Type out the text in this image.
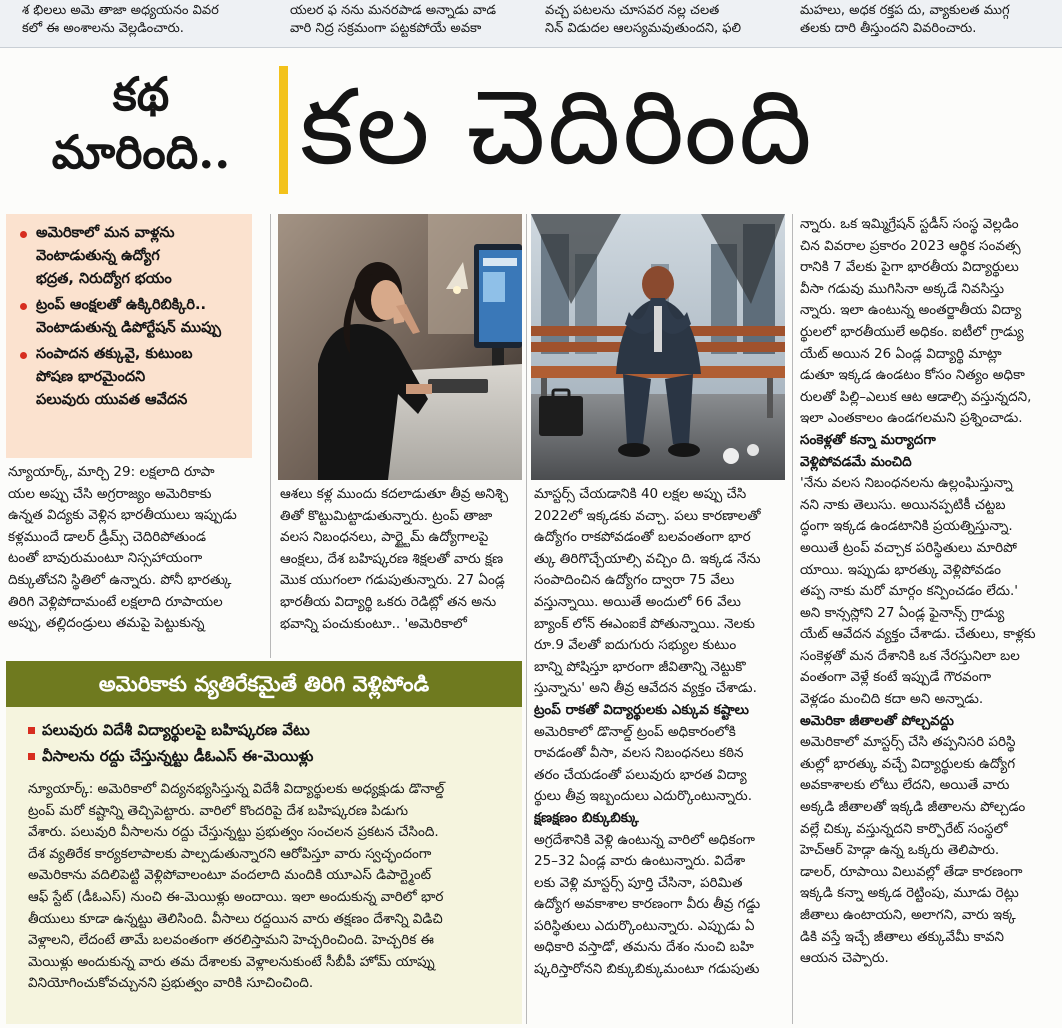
శ భిలలు అమె తాజా అధ్యయనం వివర
కలో ఈ అంశాలను వెల్లడించారు.
యలర ఫ నను మనరపాడ అన్నాడు వాడ
వారి నిద్ర సక్రమంగా పట్టకపోయే అవకా
వచ్చ పటలను చూసవర నల్ల చలత
నిన్ విడుదల ఆలస్యమవుతుందని, ఫలి
మహలు, అధక రక్తప దు, వ్యాకులత ముగ్గ
తలకు దారి తీస్తుందని వివరించారు.
కథ
మారింది.. కల చెదిరింది
అమెరికాలో మన వాళ్లను
వెంటాడుతున్న ఉద్యోగ
భద్రత, నిరుద్యోగ భయం
ట్రంప్ ఆంక్షలతో ఉక్కిరిబిక్కిరి..
వెంటాడుతున్న డిపోర్టేషన్ ముప్పు
సంపాదన తక్కువై, కుటుంబ
పోషణ భారమైందని
పలువురు యువత ఆవేదన
న్యూయార్క్, మార్చి 29: లక్షలాది రూపా
యల అప్పు చేసి అగ్రరాజ్యం అమెరికాకు
ఉన్నత విద్యకు వెళ్లిన భారతీయులు ఇప్పుడు
కళ్లముందే డాలర్ డ్రీమ్స్ చెదిరిపోతుండ
టంతో బావురుమంటూ నిస్సహాయంగా
దిక్కుతోచని స్థితిలో ఉన్నారు. పోనీ భారత్కు
తిరిగి వెళ్లిపోదామంటే లక్షలాది రూపాయల
అప్పు, తల్లిదండ్రులు తమపై పెట్టుకున్న
ఆశలు కళ్ల ముందు కదలాడుతూ తీవ్ర అనిశ్చి
తితో కొట్టుమిట్టాడుతున్నారు. ట్రంప్ తాజా
వలస నిబంధనలు, పార్ట్టైమ్ ఉద్యోగాలపై
ఆంక్షలు, దేశ బహిష్కరణ శిక్షలతో వారు క్షణ
మొక యుగంలా గడుపుతున్నారు. 27 ఏండ్ల
భారతీయ విద్యార్థి ఒకరు రెడిట్లో తన అను
భవాన్ని పంచుకుంటూ.. 'అమెరికాలో
మాస్టర్స్ చేయడానికి 40 లక్షల అప్పు చేసి
2022లో ఇక్కడకు వచ్చా. పలు కారణాలతో
ఉద్యోగం రాకపోవడంతో బలవంతంగా భార
త్కు తిరిగొచ్చేయాల్సి వచ్చిం ది. ఇక్కడ నేను
సంపాదించిన ఉద్యోగం ద్వారా 75 వేలు
వస్తున్నాయి. అయితే అందులో 66 వేలు
బ్యాంక్ లోన్ ఈఎంఐకే పోతున్నాయి. నెలకు
రూ.9 వేలతో ఐదుగురు సభ్యుల కుటుం
బాన్ని పోషిస్తూ భారంగా జీవితాన్ని నెట్టుకొ
స్తున్నాను' అని తీవ్ర ఆవేదన వ్యక్తం చేశాడు.
ట్రంప్ రాకతో విద్యార్థులకు ఎక్కువ కష్టాలు
అమెరికాలో డొనాల్డ్ ట్రంప్ అధికారంలోకి
రావడంతో వీసా, వలస నిబంధనలు కఠిన
తరం చేయడంతో పలువురు భారత విద్యా
ర్థులు తీవ్ర ఇబ్బందులు ఎదుర్కొంటున్నారు.
క్షణక్షణం బిక్కుబిక్కు
అగ్రదేశానికి వెళ్లి ఉంటున్న వారిలో అధికంగా
25–32 ఏండ్ల వారు ఉంటున్నారు. విదేశా
లకు వెళ్లి మాస్టర్స్ పూర్తి చేసినా, పరిమిత
ఉద్యోగ అవకాశాల కారణంగా వీరు తీవ్ర గడ్డు
పరిస్థితులు ఎదుర్కొంటున్నారు. ఎప్పుడు ఏ
అధికారి వస్తాడో, తమను దేశం నుంచి బహి
ష్కరిస్తారోనని బిక్కుబిక్కుమంటూ గడుపుతు
న్నారు. ఒక ఇమ్మిగ్రేషన్ స్టడీస్ సంస్థ వెల్లడిం
చిన వివరాల ప్రకారం 2023 ఆర్థిక సంవత్స
రానికి 7 వేలకు పైగా భారతీయ విద్యార్థులు
వీసా గడువు ముగిసినా అక్కడే నివసిస్తు
న్నారు. ఇలా ఉంటున్న అంతర్జాతీయ విద్యా
ర్థులలో భారతీయులే అధికం. ఐటీలో గ్రాడ్యు
యేట్ అయిన 26 ఏండ్ల విద్యార్థి మాట్లా
డుతూ ఇక్కడ ఉండటం కోసం నిత్యం అధికా
రులతో పిల్లి–ఎలుక ఆట ఆడాల్సి వస్తున్నదని,
ఇలా ఎంతకాలం ఉండగలమని ప్రశ్నించాడు.
సంకెళ్లతో కన్నా మర్యాదగా
వెళ్లిపోవడమే మంచిది
'నేను వలస నిబంధనలను ఉల్లంఘిస్తున్నా
నని నాకు తెలుసు. అయినప్పటికీ చట్టబ
ద్ధంగా ఇక్కడ ఉండటానికి ప్రయత్నిస్తున్నా.
అయితే ట్రంప్ వచ్చాక పరిస్థితులు మారిపో
యాయి. ఇప్పుడు భారత్కు వెళ్లిపోవడం
తప్ప నాకు మరో మార్గం కన్పించడం లేదు.'
అని కాన్సస్లోని 27 ఏండ్ల ఫైనాన్స్ గ్రాడ్యు
యేట్ ఆవేదన వ్యక్తం చేశాడు. చేతులు, కాళ్లకు
సంకెళ్లతో మన దేశానికి ఒక నేరస్తునిలా బల
వంతంగా వెళ్లే కంటే ఇప్పుడే గౌరవంగా
వెళ్లడం మంచిది కదా అని అన్నాడు.
అమెరికా జీతాలతో పోల్చవద్దు
అమెరికాలో మాస్టర్స్ చేసి తప్పనిసరి పరిస్థి
తుల్లో భారత్కు వచ్చే విద్యార్థులకు ఉద్యోగ
అవకాశాలకు లోటు లేదని, అయితే వారు
అక్కడి జీతాలతో ఇక్కడి జీతాలను పోల్చడం
వల్లే చిక్కు వస్తున్నదని కార్పొరేట్ సంస్థలో
హెచ్ఆర్ హెడ్గా ఉన్న ఒక్కరు తెలిపారు.
డాలర్, రూపాయి విలువల్లో తేడా కారణంగా
ఇక్కడి కన్నా అక్కడ రెట్టింపు, మూడు రెట్లు
జీతాలు ఉంటాయని, అలాగని, వారు ఇక్క
డికి వస్తే ఇచ్చే జీతాలు తక్కువేమీ కావని
ఆయన చెప్పారు.
అమెరికాకు వ్యతిరేకమైతే తిరిగి వెళ్లిపోండి
పలువురు విదేశీ విద్యార్థులపై బహిష్కరణ వేటు
వీసాలను రద్దు చేస్తున్నట్టు డీఓఎస్ ఈ-మెయిళ్లు
న్యూయార్క్: అమెరికాలో విద్యనభ్యసిస్తున్న విదేశీ విద్యార్థులకు అధ్యక్షుడు డొనాల్డ్
ట్రంప్ మరో కష్టాన్ని తెచ్చిపెట్టారు. వారిలో కొందరిపై దేశ బహిష్కరణ పిడుగు
వేశారు. పలువురి వీసాలను రద్దు చేస్తున్నట్టు ప్రభుత్వం సంచలన ప్రకటన చేసింది.
దేశ వ్యతిరేక కార్యకలాపాలకు పాల్పడుతున్నారని ఆరోపిస్తూ వారు స్వచ్ఛందంగా
అమెరికాను వదిలిపెట్టి వెళ్లిపోవాలంటూ వందలాది మందికి యూఎస్ డిపార్ట్మెంట్
ఆఫ్ స్టేట్ (డీఓఎస్) నుంచి ఈ-మెయిళ్లు అందాయి. ఇలా అందుకున్న వారిలో భార
తీయులు కూడా ఉన్నట్టు తెలిసింది. వీసాలు రద్దయిన వారు తక్షణం దేశాన్ని విడిచి
వెళ్లాలని, లేదంటే తామే బలవంతంగా తరలిస్తామని హెచ్చరించింది. హెచ్చరిక ఈ
మెయిళ్లు అందుకున్న వారు తమ దేశాలకు వెళ్లాలనుకుంటే సీబీపీ హోమ్ యాప్ను
వినియోగించుకోవచ్చునని ప్రభుత్వం వారికి సూచించింది.
